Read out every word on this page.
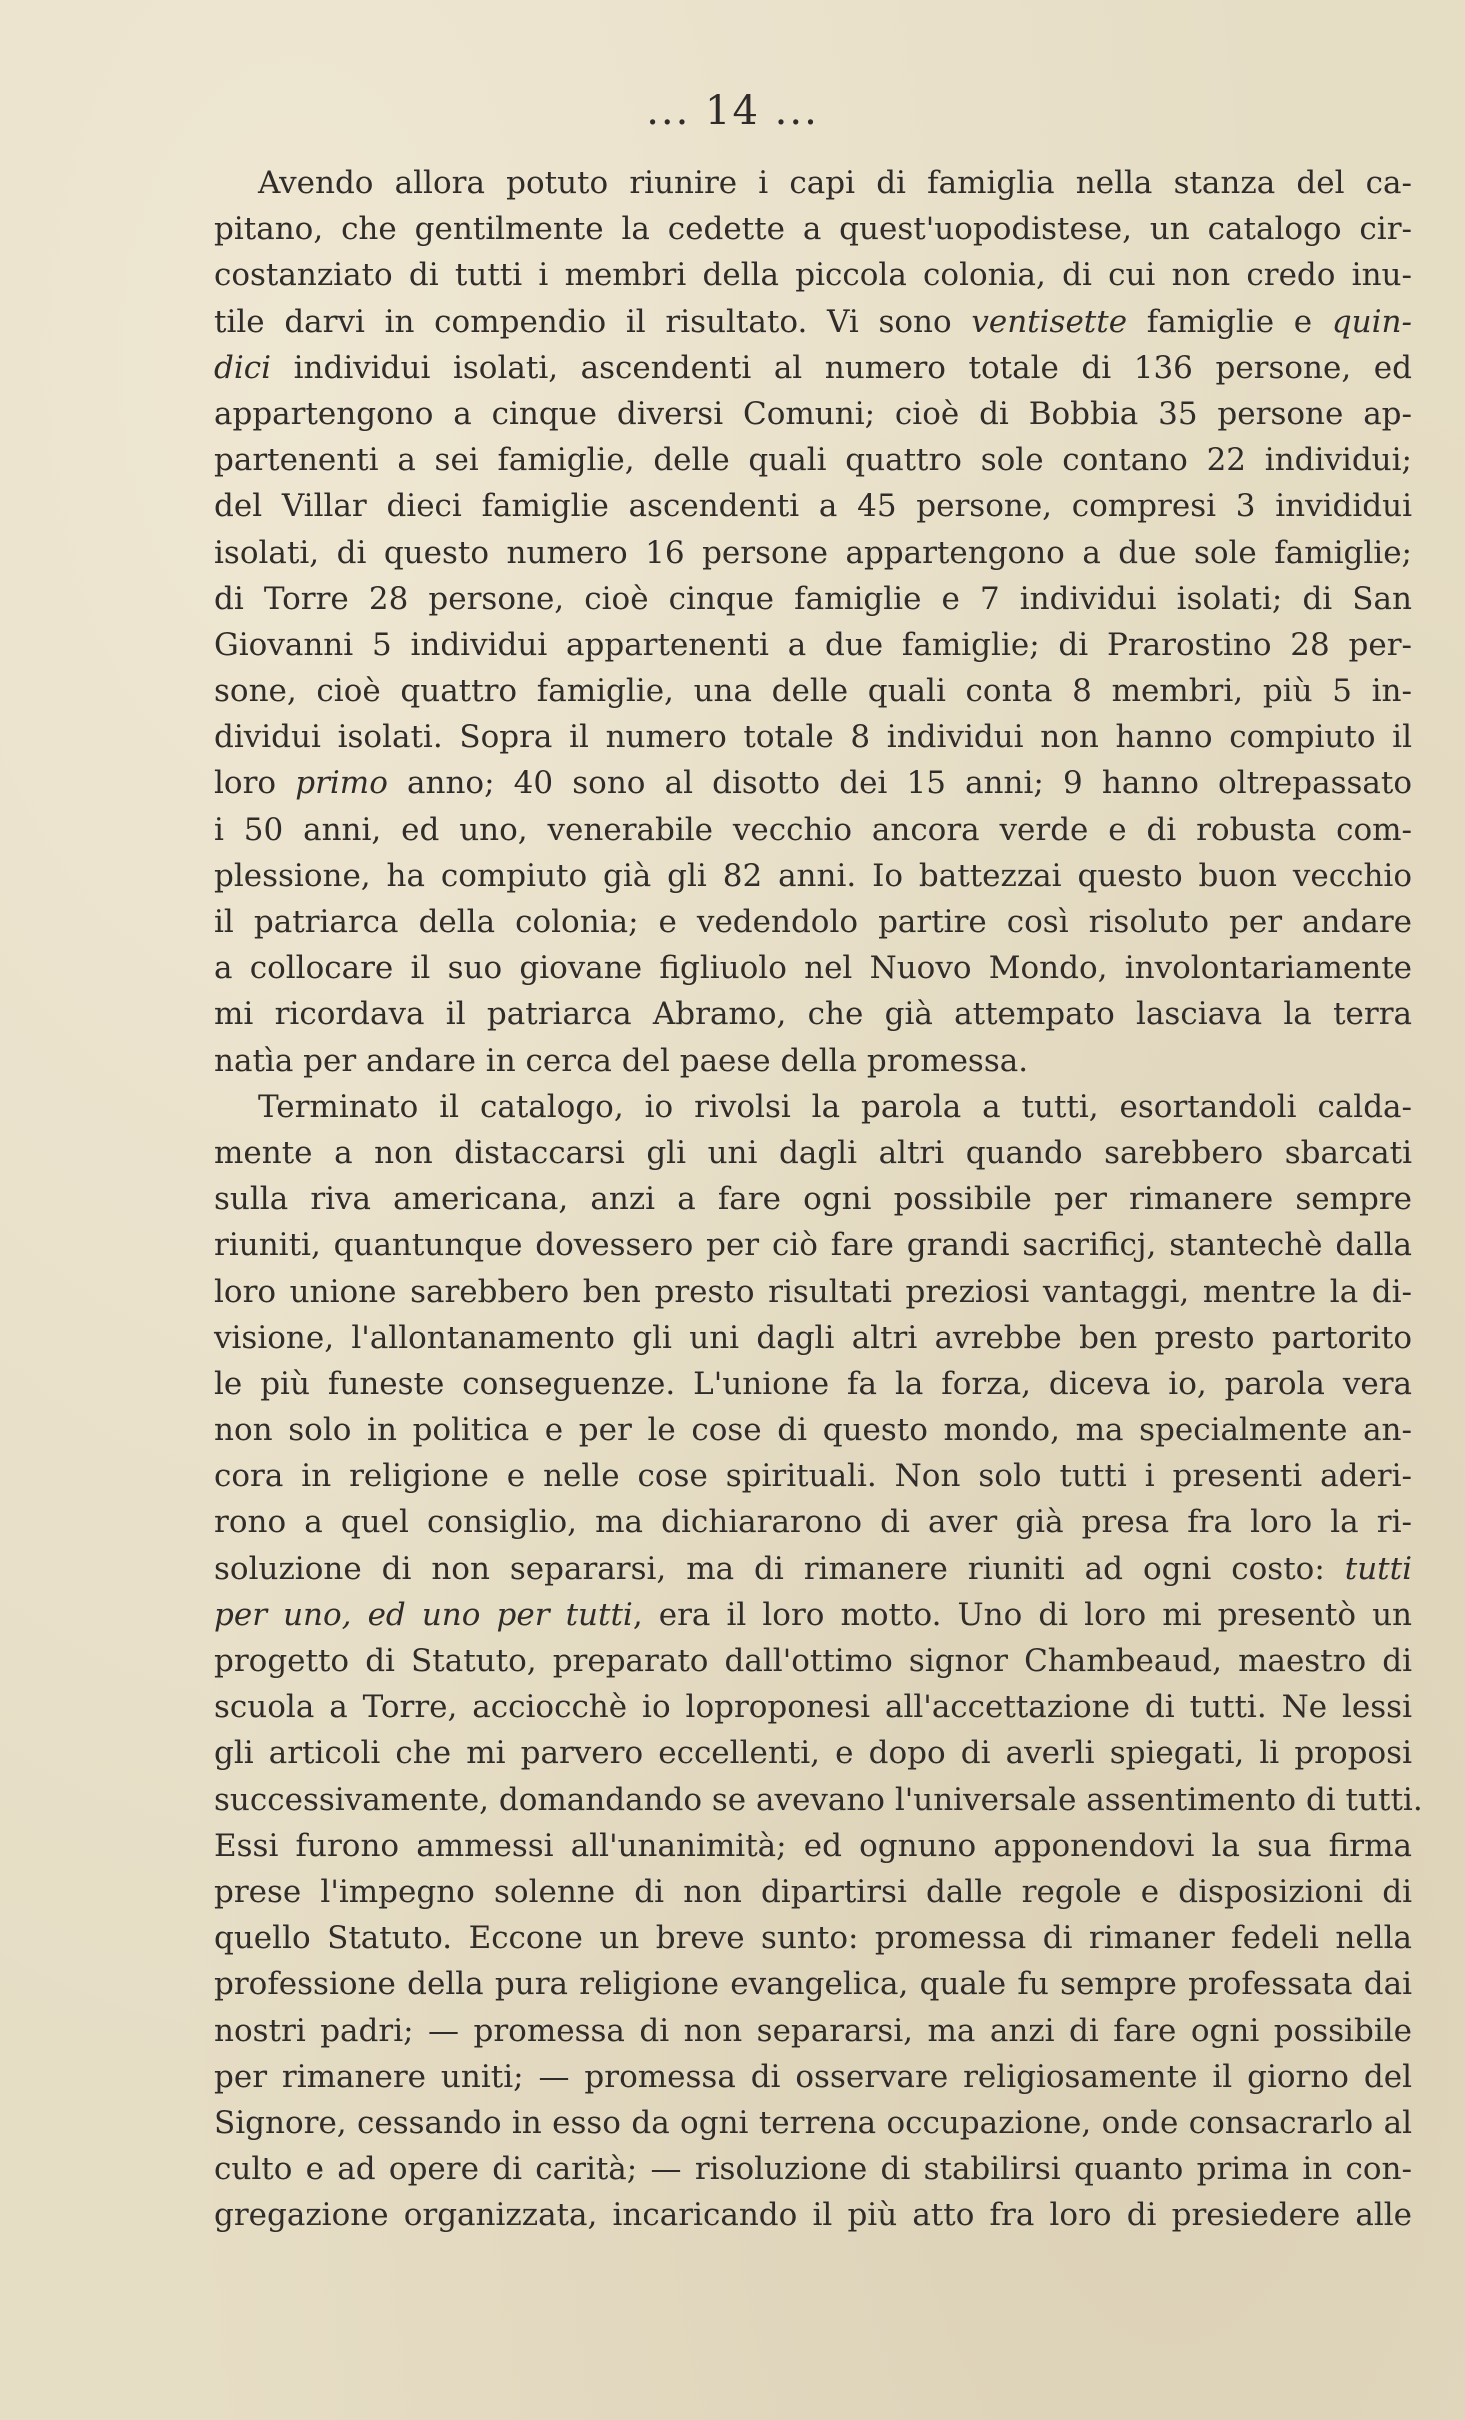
... 14 ...
Avendo allora potuto riunire i capi di famiglia nella stanza del ca-
pitano, che gentilmente la cedette a quest'uopodistese, un catalogo cir-
costanziato di tutti i membri della piccola colonia, di cui non credo inu-
tile darvi in compendio il risultato. Vi sono ventisette famiglie e quin-
dici individui isolati, ascendenti al numero totale di 136 persone, ed
appartengono a cinque diversi Comuni; cioè di Bobbia 35 persone ap-
partenenti a sei famiglie, delle quali quattro sole contano 22 individui;
del Villar dieci famiglie ascendenti a 45 persone, compresi 3 invididui
isolati, di questo numero 16 persone appartengono a due sole famiglie;
di Torre 28 persone, cioè cinque famiglie e 7 individui isolati; di San
Giovanni 5 individui appartenenti a due famiglie; di Prarostino 28 per-
sone, cioè quattro famiglie, una delle quali conta 8 membri, più 5 in-
dividui isolati. Sopra il numero totale 8 individui non hanno compiuto il
loro primo anno; 40 sono al disotto dei 15 anni; 9 hanno oltrepassato
i 50 anni, ed uno, venerabile vecchio ancora verde e di robusta com-
plessione, ha compiuto già gli 82 anni. Io battezzai questo buon vecchio
il patriarca della colonia; e vedendolo partire così risoluto per andare
a collocare il suo giovane figliuolo nel Nuovo Mondo, involontariamente
mi ricordava il patriarca Abramo, che già attempato lasciava la terra
natìa per andare in cerca del paese della promessa.
Terminato il catalogo, io rivolsi la parola a tutti, esortandoli calda-
mente a non distaccarsi gli uni dagli altri quando sarebbero sbarcati
sulla riva americana, anzi a fare ogni possibile per rimanere sempre
riuniti, quantunque dovessero per ciò fare grandi sacrificj, stantechè dalla
loro unione sarebbero ben presto risultati preziosi vantaggi, mentre la di-
visione, l'allontanamento gli uni dagli altri avrebbe ben presto partorito
le più funeste conseguenze. L'unione fa la forza, diceva io, parola vera
non solo in politica e per le cose di questo mondo, ma specialmente an-
cora in religione e nelle cose spirituali. Non solo tutti i presenti aderi-
rono a quel consiglio, ma dichiararono di aver già presa fra loro la ri-
soluzione di non separarsi, ma di rimanere riuniti ad ogni costo: tutti
per uno, ed uno per tutti, era il loro motto. Uno di loro mi presentò un
progetto di Statuto, preparato dall'ottimo signor Chambeaud, maestro di
scuola a Torre, acciocchè io loproponesi all'accettazione di tutti. Ne lessi
gli articoli che mi parvero eccellenti, e dopo di averli spiegati, li proposi
successivamente, domandando se avevano l'universale assentimento di tutti.
Essi furono ammessi all'unanimità; ed ognuno apponendovi la sua firma
prese l'impegno solenne di non dipartirsi dalle regole e disposizioni di
quello Statuto. Eccone un breve sunto: promessa di rimaner fedeli nella
professione della pura religione evangelica, quale fu sempre professata dai
nostri padri; — promessa di non separarsi, ma anzi di fare ogni possibile
per rimanere uniti; — promessa di osservare religiosamente il giorno del
Signore, cessando in esso da ogni terrena occupazione, onde consacrarlo al
culto e ad opere di carità; — risoluzione di stabilirsi quanto prima in con-
gregazione organizzata, incaricando il più atto fra loro di presiedere alle
